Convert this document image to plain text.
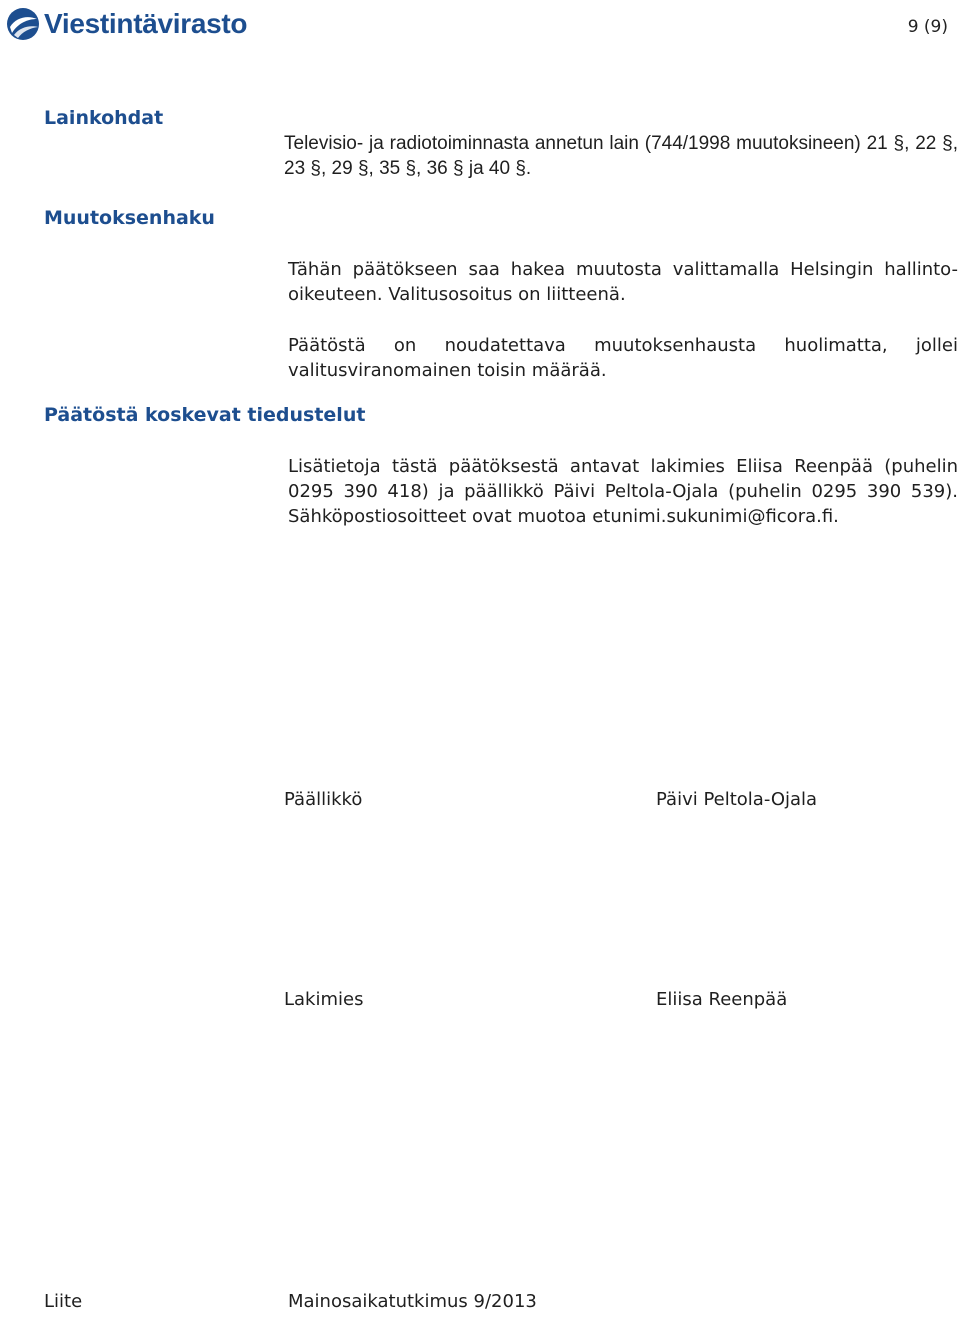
Viestintävirasto	9 (9)
Lainkohdat
Televisio- ja radiotoiminnasta annetun lain (744/1998 muutoksineen) 21 §, 22 §, 23 §, 29 §, 35 §, 36 § ja 40 §.
Muutoksenhaku
Tähän päätökseen saa hakea muutosta valittamalla Helsingin hallinto-oikeuteen. Valitusosoitus on liitteenä.
Päätöstä on noudatettava muutoksenhausta huolimatta, jollei valitusviranomainen toisin määrää.
Päätöstä koskevat tiedustelut
Lisätietoja tästä päätöksestä antavat lakimies Eliisa Reenpää (puhelin 0295 390 418) ja päällikkö Päivi Peltola-Ojala (puhelin 0295 390 539). Sähköpostiosoitteet ovat muotoa etunimi.sukunimi@ficora.fi.
Päällikkö	Päivi Peltola-Ojala
Lakimies	Eliisa Reenpää
Liite	Mainosaikatutkimus 9/2013
